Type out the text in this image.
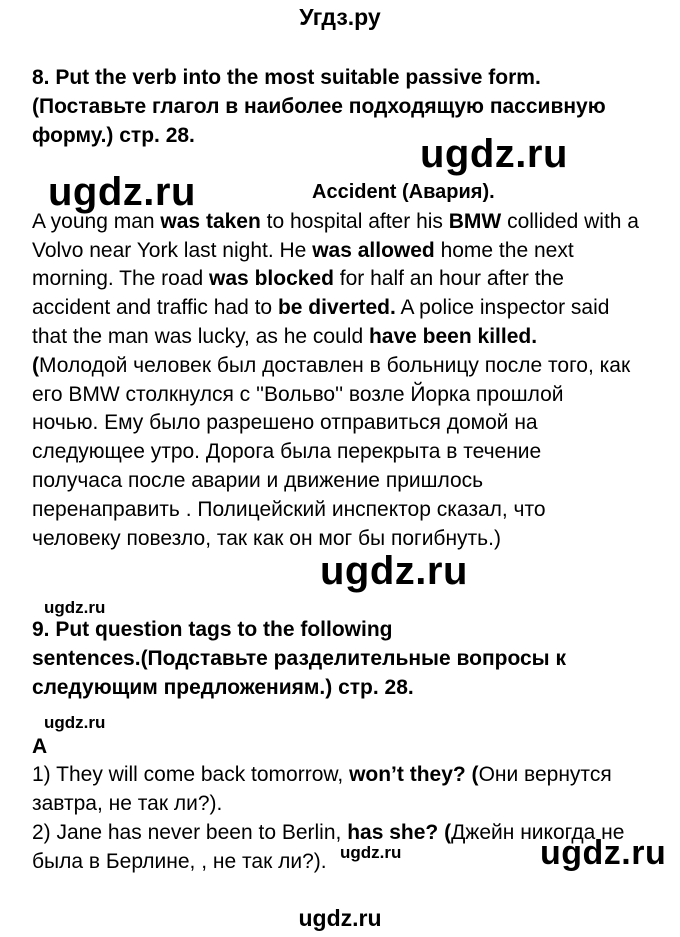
Угдз.ру
8. Put the verb into the most suitable passive form.
(Поставьте глагол в наиболее подходящую пассивную
форму.) стр. 28.	ugdz.ru
ugdz.ru	Accident (Авария).
A young man was taken to hospital after his BMW collided with a
Volvo near York last night. He was allowed home the next
morning. The road was blocked for half an hour after the
accident and traffic had to be diverted. A police inspector said
that the man was lucky, as he could have been killed.
(Молодой человек был доставлен в больницу после того, как
его BMW столкнулся с ''Вольво'' возле Йорка прошлой
ночью. Ему было разрешено отправиться домой на
следующее утро. Дорога была перекрыта в течение
получаса после аварии и движение пришлось
перенаправить . Полицейский инспектор сказал, что
человеку повезло, так как он мог бы погибнуть.)
ugdz.ru
ugdz.ru
9. Put question tags to the following
sentences.(Подставьте разделительные вопросы к
следующим предложениям.) стр. 28.
ugdz.ru
A
1) They will come back tomorrow, won’t they? (Они вернутся
завтра, не так ли?).
2) Jane has never been to Berlin, has she? (Джейн никогда не
была в Берлине, , не так ли?). ugdz.ru	ugdz.ru
ugdz.ru
